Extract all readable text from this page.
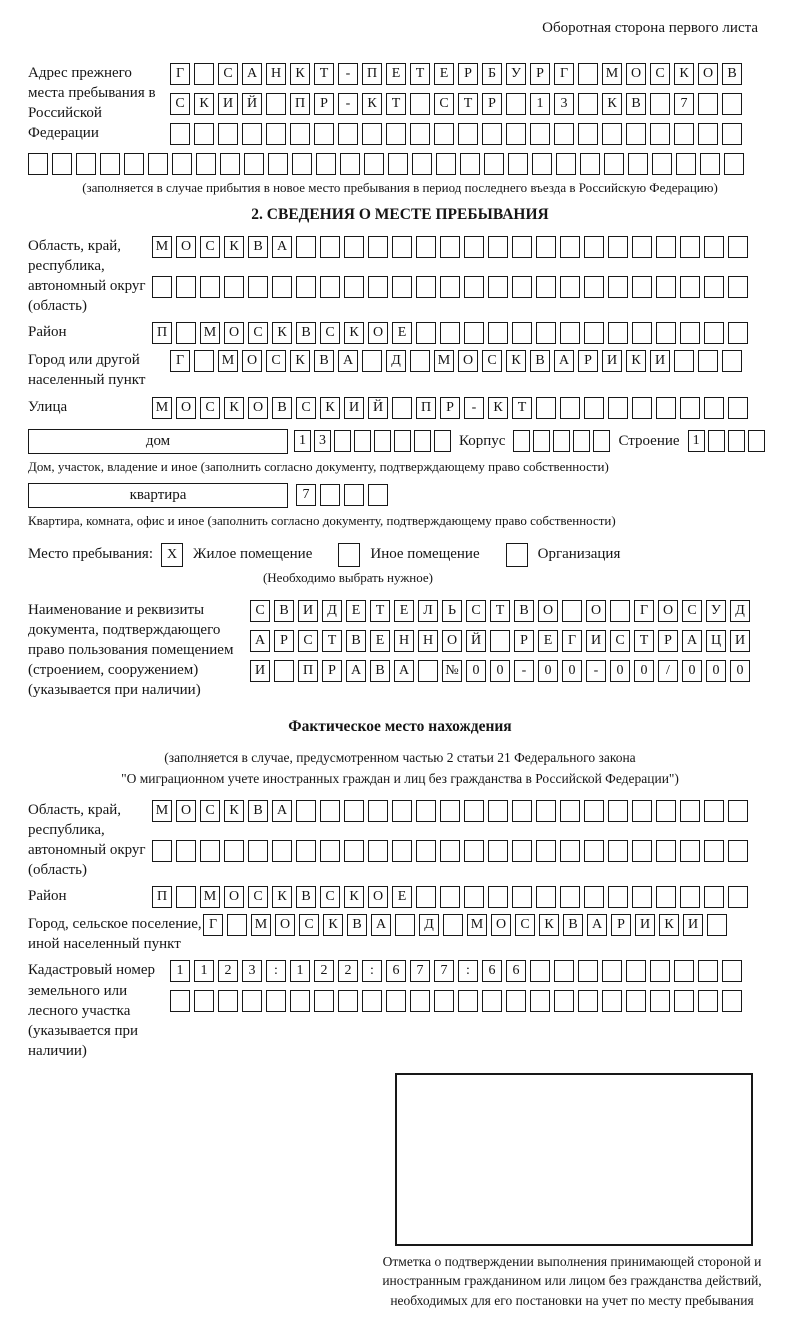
Оборотная сторона первого листа
Адрес прежнего места пребывания в Российской Федерации
Г	С	А Н	К	Т	-	П	Е	Т	Е	Р	Б	У	Р	Г	М О	С	К	О	В
С	К	И Й	П	Р	-	К	Т	С	Т	Р	1	3	К	В	7
(заполняется в случае прибытия в новое место пребывания в период последнего въезда в Российскую Федерацию)
2. СВЕДЕНИЯ О МЕСТЕ ПРЕБЫВАНИЯ
Область, край, республика, автономный округ (область)
М О	С	К	В	А
Район	П	М О	С	К	В	С	К	О	Е
Город или другой населенный пункт
Г	М О	С	К	В	А	Д	М О	С	К	В	А	Р	И	К	И
Улица	М О	С	К	О	В	С	К	И Й	П	Р	-	К	Т
дом	1 3	Корпус	Строение 1
Дом, участок, владение и иное (заполнить согласно документу, подтверждающему право собственности)
квартира	7
Квартира, комната, офис и иное (заполнить согласно документу, подтверждающему право собственности)
Место пребывания: X	Жилое помещение	Иное помещение	Организация
(Необходимо выбрать нужное)
Наименование и реквизиты документа, подтверждающего право пользования помещением (строением, сооружением) (указывается при наличии)
С	В	И	Д	Е	Т	Е	Л	Ь	С	Т	В	О	О	Г	О	С	У	Д
А	Р	С	Т	В	Е	Н Н О Й	Р	Е	Г	И	С	Т	Р	А Ц И
И	П	Р	А	В	А	№ 0	0	-	0	0	-	0	0	/	0	0	0
Фактическое место нахождения
(заполняется в случае, предусмотренном частью 2 статьи 21 Федерального закона
"О миграционном учете иностранных граждан и лиц без гражданства в Российской Федерации")
Область, край, республика, автономный округ (область)
М О	С	К	В	А
Район	П	М О	С	К	В	С	К	О	Е
Город, сельское поселение, иной населенный пункт
Г	М О	С	К	В	А	Д	М О	С	К	В	А	Р	И	К	И
Кадастровый номер земельного или лесного участка (указывается при наличии)
1	1	2	3	:	1	2	2	:	6	7	7	:	6	6
Отметка о подтверждении выполнения принимающей стороной и иностранным гражданином или лицом без гражданства действий, необходимых для его постановки на учет по месту пребывания
